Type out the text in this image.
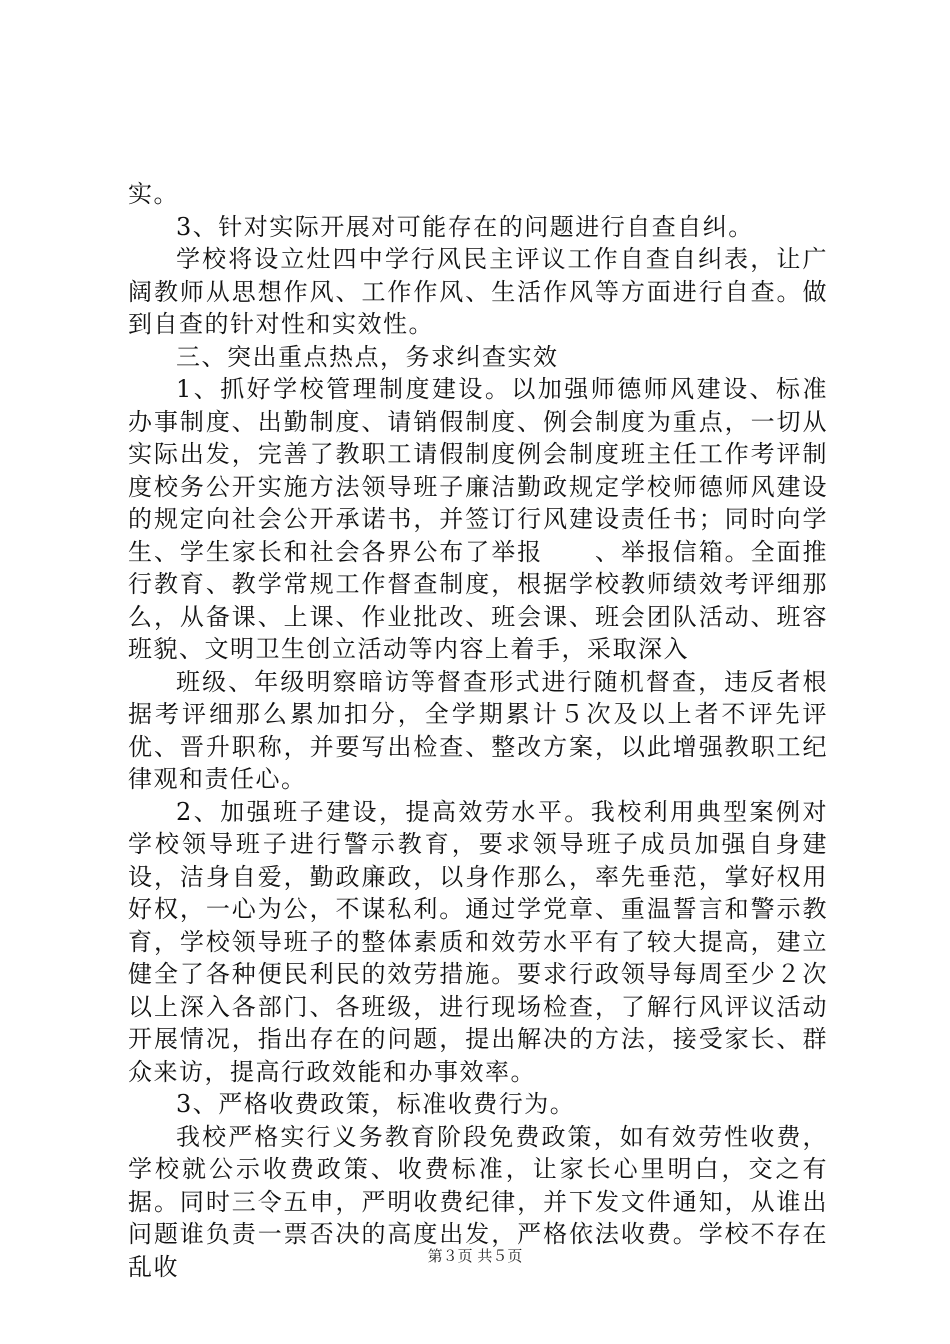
实。

3、针对实际开展对可能存在的问题进行自查自纠。

学校将设立灶四中学行风民主评议工作自查自纠表，让广阔教师从思想作风、工作作风、生活作风等方面进行自查。做到自查的针对性和实效性。

三、突出重点热点，务求纠查实效

1、抓好学校管理制度建设。以加强师德师风建设、标准办事制度、出勤制度、请销假制度、例会制度为重点，一切从实际出发，完善了教职工请假制度例会制度班主任工作考评制度校务公开实施方法领导班子廉洁勤政规定学校师德师风建设的规定向社会公开承诺书，并签订行风建设责任书；同时向学生、学生家长和社会各界公布了举报　　、举报信箱。全面推行教育、教学常规工作督查制度，根据学校教师绩效考评细那么，从备课、上课、作业批改、班会课、班会团队活动、班容班貌、文明卫生创立活动等内容上着手，采取深入

班级、年级明察暗访等督查形式进行随机督查，违反者根据考评细那么累加扣分，全学期累计５次及以上者不评先评优、晋升职称，并要写出检查、整改方案，以此增强教职工纪律观和责任心。

2、加强班子建设，提高效劳水平。我校利用典型案例对学校领导班子进行警示教育，要求领导班子成员加强自身建设，洁身自爱，勤政廉政，以身作那么，率先垂范，掌好权用好权，一心为公，不谋私利。通过学党章、重温誓言和警示教育，学校领导班子的整体素质和效劳水平有了较大提高，建立健全了各种便民利民的效劳措施。要求行政领导每周至少２次以上深入各部门、各班级，进行现场检查，了解行风评议活动开展情况，指出存在的问题，提出解决的方法，接受家长、群众来访，提高行政效能和办事效率。

3、严格收费政策，标准收费行为。

我校严格实行义务教育阶段免费政策，如有效劳性收费，学校就公示收费政策、收费标准，让家长心里明白，交之有据。同时三令五申，严明收费纪律，并下发文件通知，从谁出问题谁负责一票否决的高度出发，严格依法收费。学校不存在乱收	第３页 共５页
